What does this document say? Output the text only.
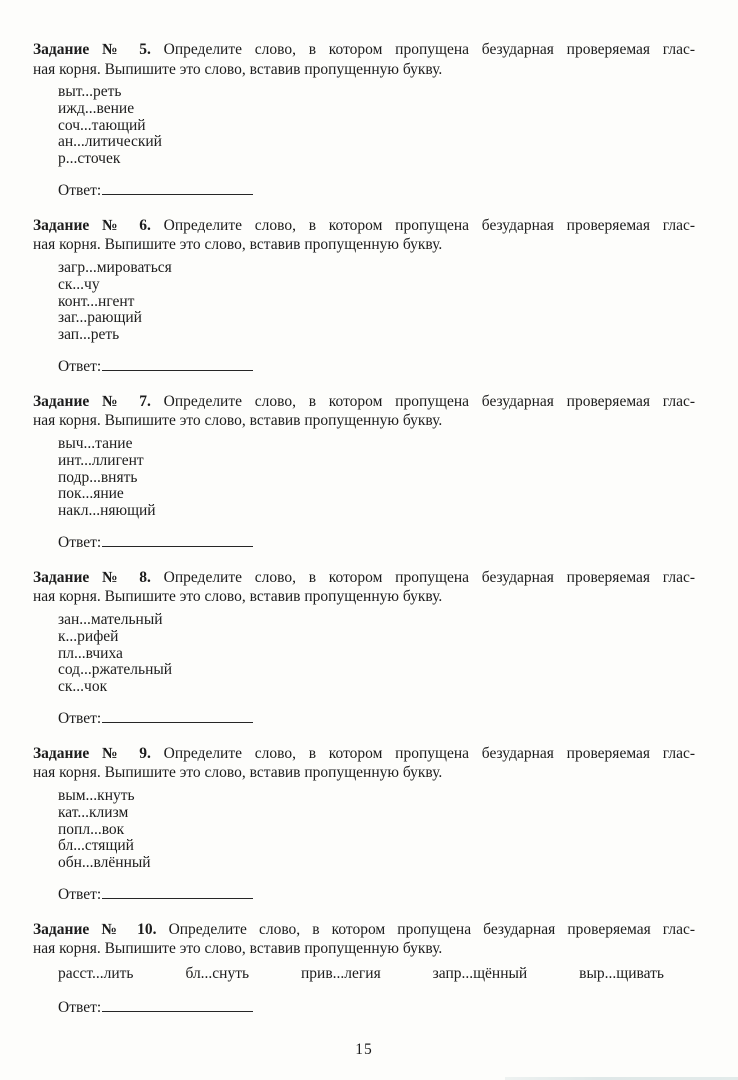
Задание № 5. Определите слово, в котором пропущена безударная проверяемая глас-
ная корня. Выпишите это слово, вставив пропущенную букву.
выт...реть
ижд...вение
соч...тающий
ан...литический
р...сточек
Ответ:
Задание № 6. Определите слово, в котором пропущена безударная проверяемая глас-
ная корня. Выпишите это слово, вставив пропущенную букву.
загр...мироваться
ск...чу
конт...нгент
заг...рающий
зап...реть
Ответ:
Задание № 7. Определите слово, в котором пропущена безударная проверяемая глас-
ная корня. Выпишите это слово, вставив пропущенную букву.
выч...тание
инт...ллигент
подр...внять
пок...яние
накл...няющий
Ответ:
Задание № 8. Определите слово, в котором пропущена безударная проверяемая глас-
ная корня. Выпишите это слово, вставив пропущенную букву.
зан...мательный
к...рифей
пл...вчиха
сод...ржательный
ск...чок
Ответ:
Задание № 9. Определите слово, в котором пропущена безударная проверяемая глас-
ная корня. Выпишите это слово, вставив пропущенную букву.
вым...кнуть
кат...клизм
попл...вок
бл...стящий
обн...влённый
Ответ:
Задание № 10. Определите слово, в котором пропущена безударная проверяемая глас-
ная корня. Выпишите это слово, вставив пропущенную букву.
расст...лить	бл...снуть	прив...легия	запр...щённый	выр...щивать
Ответ:
15
